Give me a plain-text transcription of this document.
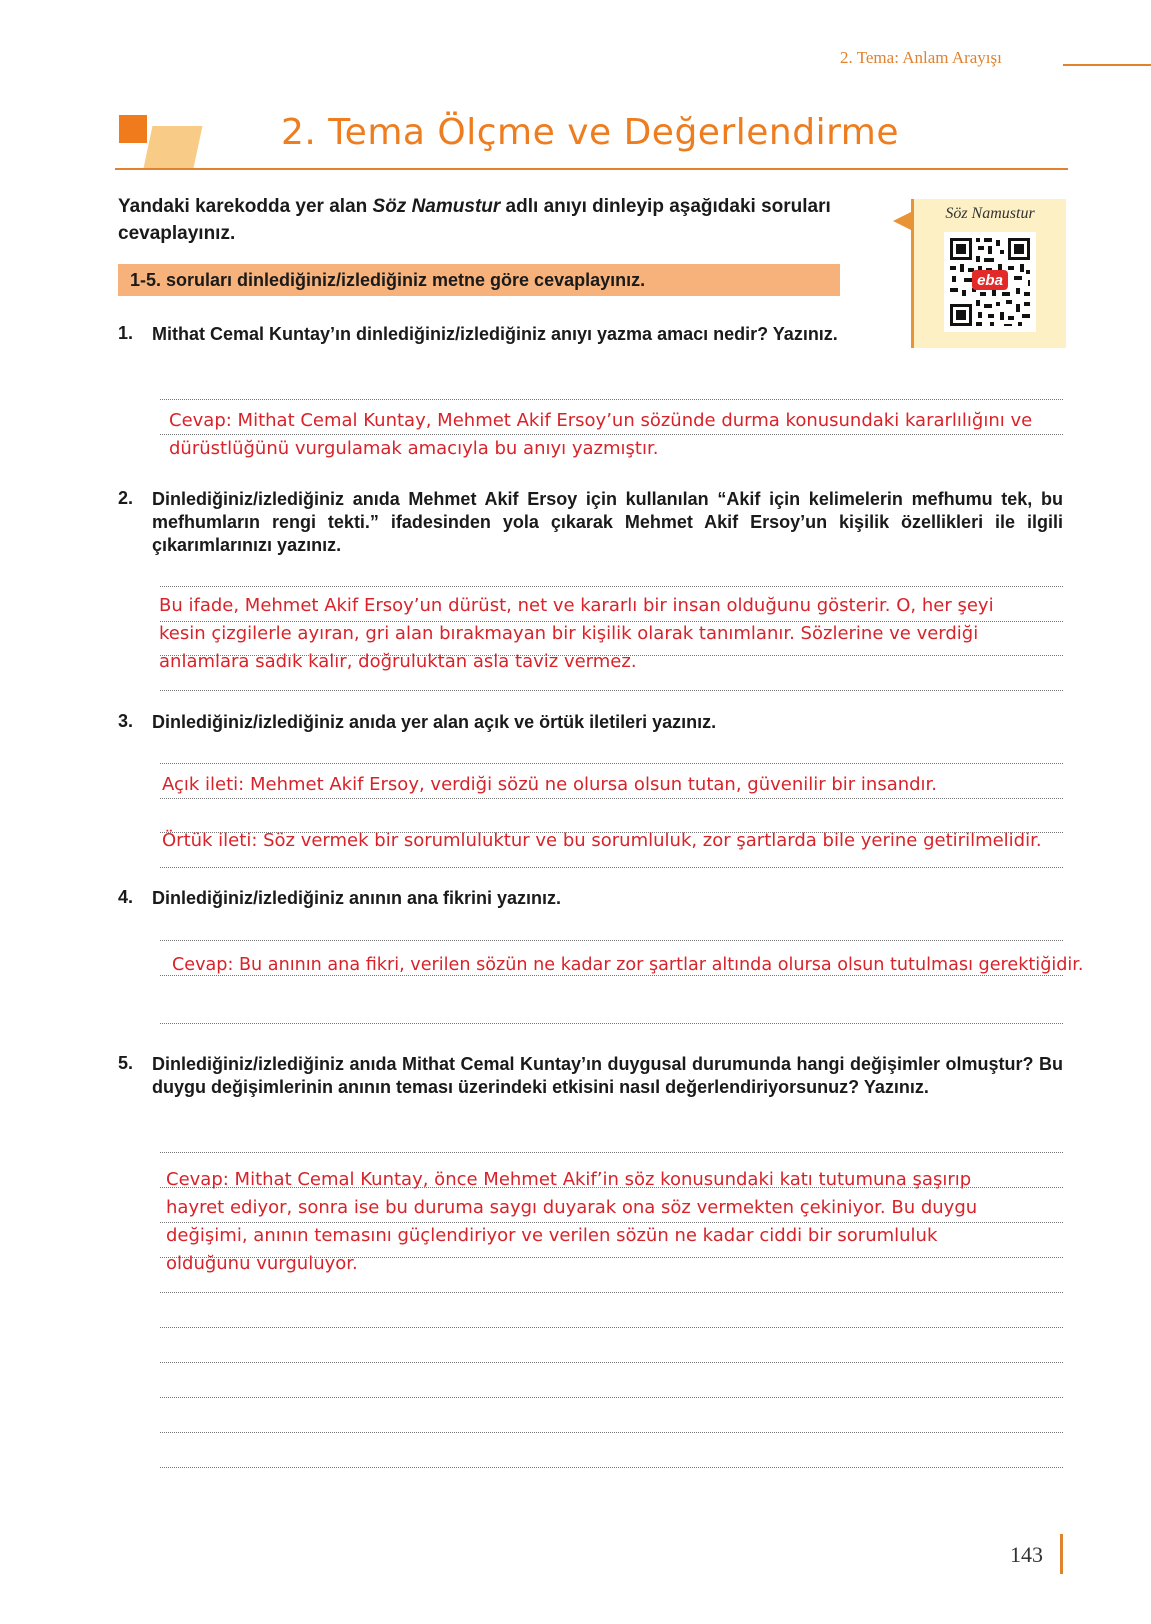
2. Tema: Anlam Arayışı
2. Tema Ölçme ve Değerlendirme
Yandaki karekodda yer alan Söz Namustur adlı anıyı dinleyip aşağıdaki soruları cevaplayınız.
Söz Namustur
eba
1-5. soruları dinlediğiniz/izlediğiniz metne göre cevaplayınız.
1. Mithat Cemal Kuntay’ın dinlediğiniz/izlediğiniz anıyı yazma amacı nedir? Yazınız.
Cevap: Mithat Cemal Kuntay, Mehmet Akif Ersoy’un sözünde durma konusundaki kararlılığını ve
dürüstlüğünü vurgulamak amacıyla bu anıyı yazmıştır.
2. Dinlediğiniz/izlediğiniz anıda Mehmet Akif Ersoy için kullanılan “Akif için kelimelerin mefhumu tek, bu mefhumların rengi tekti.” ifadesinden yola çıkarak Mehmet Akif Ersoy’un kişilik özellikleri ile ilgili çıkarımlarınızı yazınız.
Bu ifade, Mehmet Akif Ersoy’un dürüst, net ve kararlı bir insan olduğunu gösterir. O, her şeyi
kesin çizgilerle ayıran, gri alan bırakmayan bir kişilik olarak tanımlanır. Sözlerine ve verdiği
anlamlara sadık kalır, doğruluktan asla taviz vermez.
3. Dinlediğiniz/izlediğiniz anıda yer alan açık ve örtük iletileri yazınız.
Açık ileti: Mehmet Akif Ersoy, verdiği sözü ne olursa olsun tutan, güvenilir bir insandır.
Örtük ileti: Söz vermek bir sorumluluktur ve bu sorumluluk, zor şartlarda bile yerine getirilmelidir.
4. Dinlediğiniz/izlediğiniz anının ana fikrini yazınız.
Cevap: Bu anının ana fikri, verilen sözün ne kadar zor şartlar altında olursa olsun tutulması gerektiğidir.
5. Dinlediğiniz/izlediğiniz anıda Mithat Cemal Kuntay’ın duygusal durumunda hangi değişimler olmuştur? Bu duygu değişimlerinin anının teması üzerindeki etkisini nasıl değerlendiriyorsunuz? Yazınız.
Cevap: Mithat Cemal Kuntay, önce Mehmet Akif’in söz konusundaki katı tutumuna şaşırıp
hayret ediyor, sonra ise bu duruma saygı duyarak ona söz vermekten çekiniyor. Bu duygu
değişimi, anının temasını güçlendiriyor ve verilen sözün ne kadar ciddi bir sorumluluk
olduğunu vurguluyor.
143
